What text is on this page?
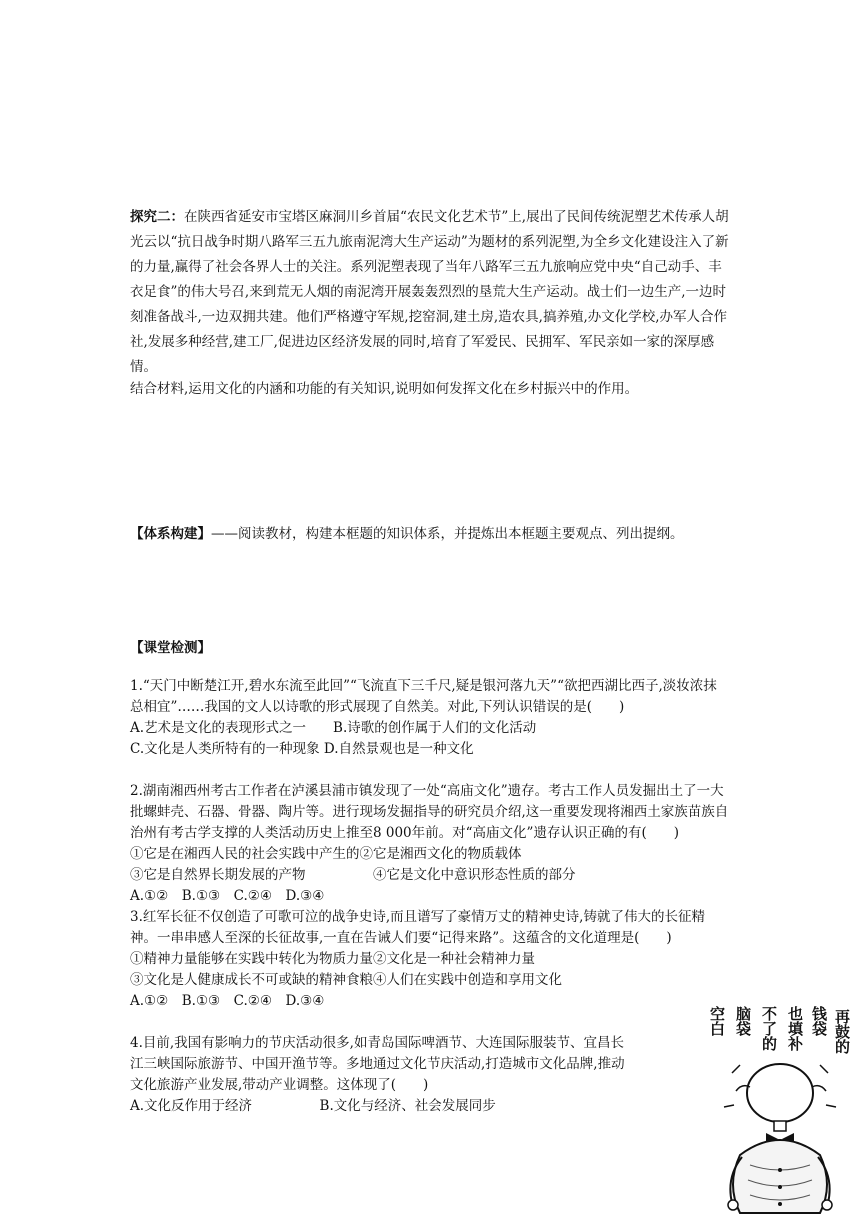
探究二：在陕西省延安市宝塔区麻洞川乡首届“农民文化艺术节”上,展出了民间传统泥塑艺术传承人胡光云以“抗日战争时期八路军三五九旅南泥湾大生产运动”为题材的系列泥塑,为全乡文化建设注入了新的力量,赢得了社会各界人士的关注。系列泥塑表现了当年八路军三五九旅响应党中央“自己动手、丰衣足食”的伟大号召,来到荒无人烟的南泥湾开展轰轰烈烈的垦荒大生产运动。战士们一边生产,一边时刻准备战斗,一边双拥共建。他们严格遵守军规,挖窑洞,建土房,造农具,搞养殖,办文化学校,办军人合作社,发展多种经营,建工厂,促进边区经济发展的同时,培育了军爱民、民拥军、军民亲如一家的深厚感情。

结合材料,运用文化的内涵和功能的有关知识,说明如何发挥文化在乡村振兴中的作用。

【体系构建】——阅读教材，构建本框题的知识体系，并提炼出本框题主要观点、列出提纲。

【课堂检测】
1.“天门中断楚江开,碧水东流至此回”“飞流直下三千尺,疑是银河落九天”“欲把西湖比西子,淡妆浓抹总相宜”……我国的文人以诗歌的形式展现了自然美。对此,下列认识错误的是(　　)
A.艺术是文化的表现形式之一　　B.诗歌的创作属于人们的文化活动
C.文化是人类所特有的一种现象 D.自然景观也是一种文化
2.湖南湘西州考古工作者在泸溪县浦市镇发现了一处“高庙文化”遗存。考古工作人员发掘出土了一大批螺蚌壳、石器、骨器、陶片等。进行现场发掘指导的研究员介绍,这一重要发现将湘西土家族苗族自治州有考古学支撑的人类活动历史上推至8 000年前。对“高庙文化”遗存认识正确的有(　　)
①它是在湘西人民的社会实践中产生的②它是湘西文化的物质载体
③它是自然界长期发展的产物　　　　　④它是文化中意识形态性质的部分
A.①②　B.①③　C.②④　D.③④
3.红军长征不仅创造了可歌可泣的战争史诗,而且谱写了豪情万丈的精神史诗,铸就了伟大的长征精神。一串串感人至深的长征故事,一直在告诫人们要“记得来路”。这蕴含的文化道理是(　　)
①精神力量能够在实践中转化为物质力量②文化是一种社会精神力量
③文化是人健康成长不可或缺的精神食粮④人们在实践中创造和享用文化
A.①②　B.①③　C.②④　D.③④
4.目前,我国有影响力的节庆活动很多,如青岛国际啤酒节、大连国际服装节、宜昌长
江三峡国际旅游节、中国开渔节等。多地通过文化节庆活动,打造城市文化品牌,推动
文化旅游产业发展,带动产业调整。这体现了(　　)
A.文化反作用于经济　　　　　B.文化与经济、社会发展同步
再鼓的
钱袋
也填补
不了的
脑袋
空白
